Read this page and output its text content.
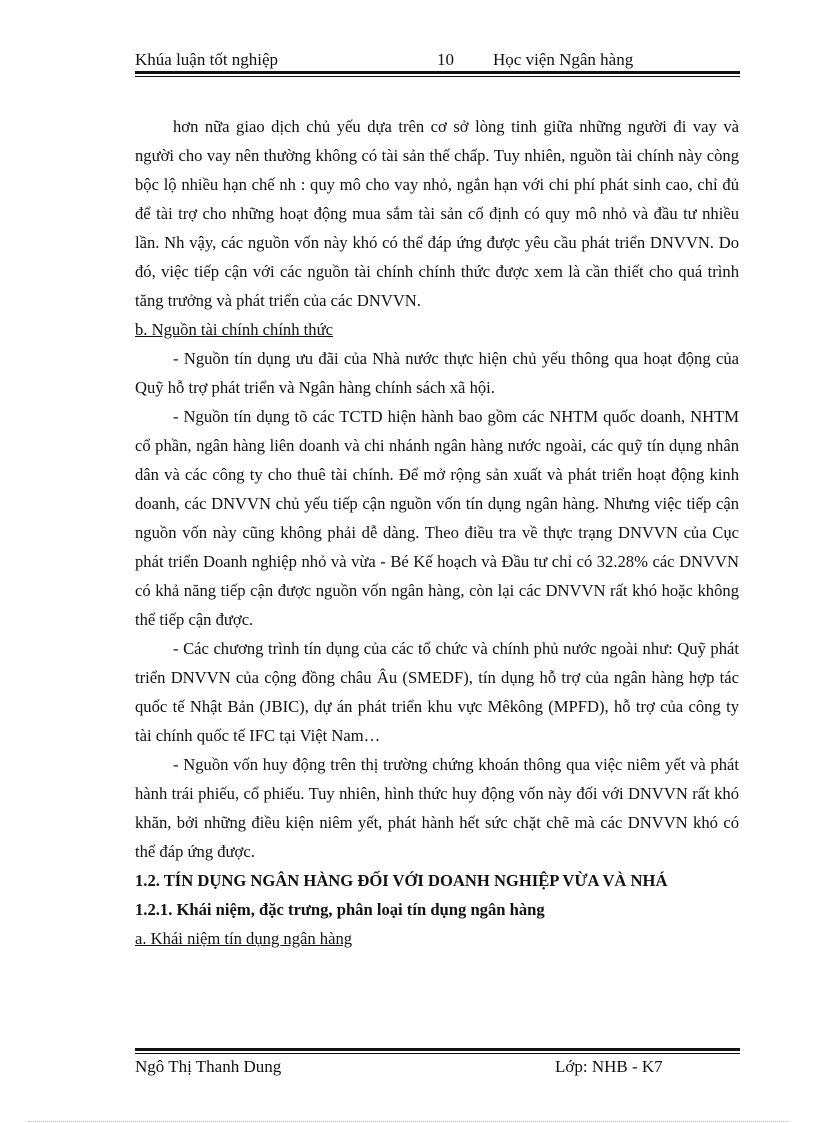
Khúa luận tốt nghiệp	10 Học viện Ngân hàng

hơn nữa giao dịch chủ yếu dựa trên cơ sở lòng tinh giữa những người đi vay và người cho vay nên thường không có tài sản thế chấp. Tuy nhiên, nguồn tài chính này còng bộc lộ nhiều hạn chế nh : quy mô cho vay nhỏ, ngắn hạn với chi phí phát sinh cao, chỉ đủ để tài trợ cho những hoạt động mua sắm tài sản cố định có quy mô nhỏ và đầu tư nhiều lần. Nh vậy, các nguồn vốn này khó có thể đáp ứng được yêu cầu phát triển DNVVN. Do đó, việc tiếp cận với các nguồn tài chính chính thức được xem là cần thiết cho quá trình tăng trưởng và phát triển của các DNVVN.

b. Nguồn tài chính chính thức

- Nguồn tín dụng ưu đãi của Nhà nước thực hiện chủ yếu thông qua hoạt động của Quỹ hỗ trợ phát triển và Ngân hàng chính sách xã hội.

- Nguồn tín dụng tõ các TCTD hiện hành bao gồm các NHTM quốc doanh, NHTM cổ phần, ngân hàng liên doanh và chi nhánh ngân hàng nước ngoài, các quỹ tín dụng nhân dân và các công ty cho thuê tài chính. Để mở rộng sản xuất và phát triển hoạt động kinh doanh, các DNVVN chủ yếu tiếp cận nguồn vốn tín dụng ngân hàng. Nhưng việc tiếp cận nguồn vốn này cũng không phải dễ dàng. Theo điều tra về thực trạng DNVVN của Cục phát triển Doanh nghiệp nhỏ và vừa - Bé Kế hoạch và Đầu tư chỉ có 32.28% các DNVVN có khả năng tiếp cận được nguồn vốn ngân hàng, còn lại các DNVVN rất khó hoặc không thể tiếp cận được.

- Các chương trình tín dụng của các tổ chức và chính phủ nước ngoài như: Quỹ phát triển DNVVN của cộng đồng châu Âu (SMEDF), tín dụng hỗ trợ của ngân hàng hợp tác quốc tế Nhật Bản (JBIC), dự án phát triển khu vực Mêkông (MPFD), hỗ trợ của công ty tài chính quốc tế IFC tại Việt Nam…

- Nguồn vốn huy động trên thị trường chứng khoán thông qua việc niêm yết và phát hành trái phiếu, cổ phiếu. Tuy nhiên, hình thức huy động vốn này đối với DNVVN rất khó khăn, bởi những điều kiện niêm yết, phát hành hết sức chặt chẽ mà các DNVVN khó có thể đáp ứng được.

1.2. TÍN DỤNG NGÂN HÀNG ĐỐI VỚI DOANH NGHIỆP VỪA VÀ NHÁ

1.2.1. Khái niệm, đặc trưng, phân loại tín dụng ngân hàng

a. Khái niệm tín dụng ngân hàng

Ngô Thị Thanh Dung	Lớp: NHB - K7
